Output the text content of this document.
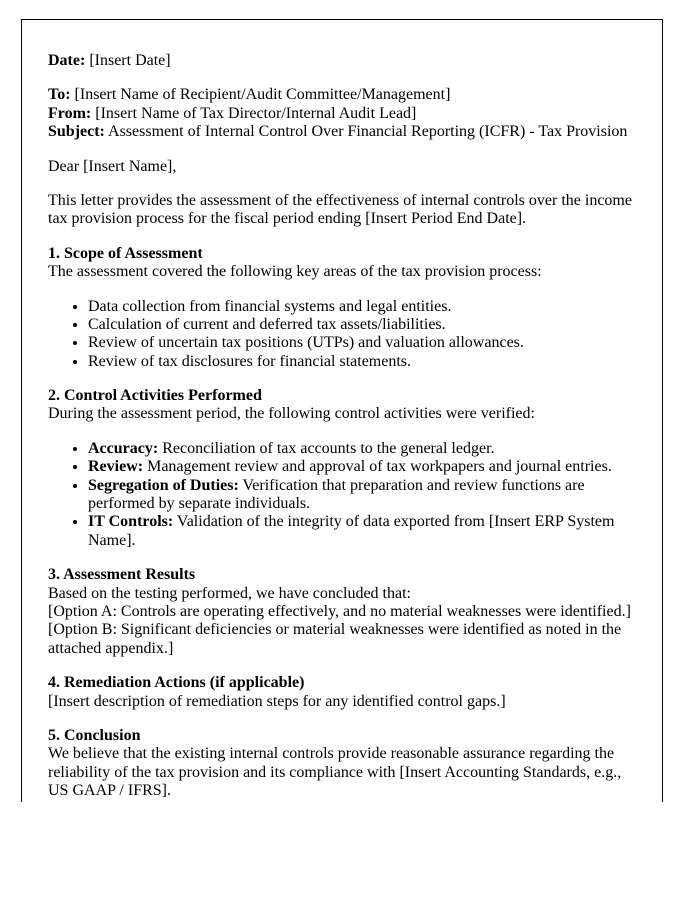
Date: [Insert Date]

To: [Insert Name of Recipient/Audit Committee/Management]
From: [Insert Name of Tax Director/Internal Audit Lead]
Subject: Assessment of Internal Control Over Financial Reporting (ICFR) - Tax Provision

Dear [Insert Name],

This letter provides the assessment of the effectiveness of internal controls over the income tax provision process for the fiscal period ending [Insert Period End Date].

1. Scope of Assessment
The assessment covered the following key areas of the tax provision process:

• Data collection from financial systems and legal entities.
• Calculation of current and deferred tax assets/liabilities.
• Review of uncertain tax positions (UTPs) and valuation allowances.
• Review of tax disclosures for financial statements.

2. Control Activities Performed
During the assessment period, the following control activities were verified:

• Accuracy: Reconciliation of tax accounts to the general ledger.
• Review: Management review and approval of tax workpapers and journal entries.
• Segregation of Duties: Verification that preparation and review functions are performed by separate individuals.
• IT Controls: Validation of the integrity of data exported from [Insert ERP System Name].

3. Assessment Results
Based on the testing performed, we have concluded that:
[Option A: Controls are operating effectively, and no material weaknesses were identified.]
[Option B: Significant deficiencies or material weaknesses were identified as noted in the attached appendix.]

4. Remediation Actions (if applicable)
[Insert description of remediation steps for any identified control gaps.]

5. Conclusion
We believe that the existing internal controls provide reasonable assurance regarding the reliability of the tax provision and its compliance with [Insert Accounting Standards, e.g., US GAAP / IFRS].
